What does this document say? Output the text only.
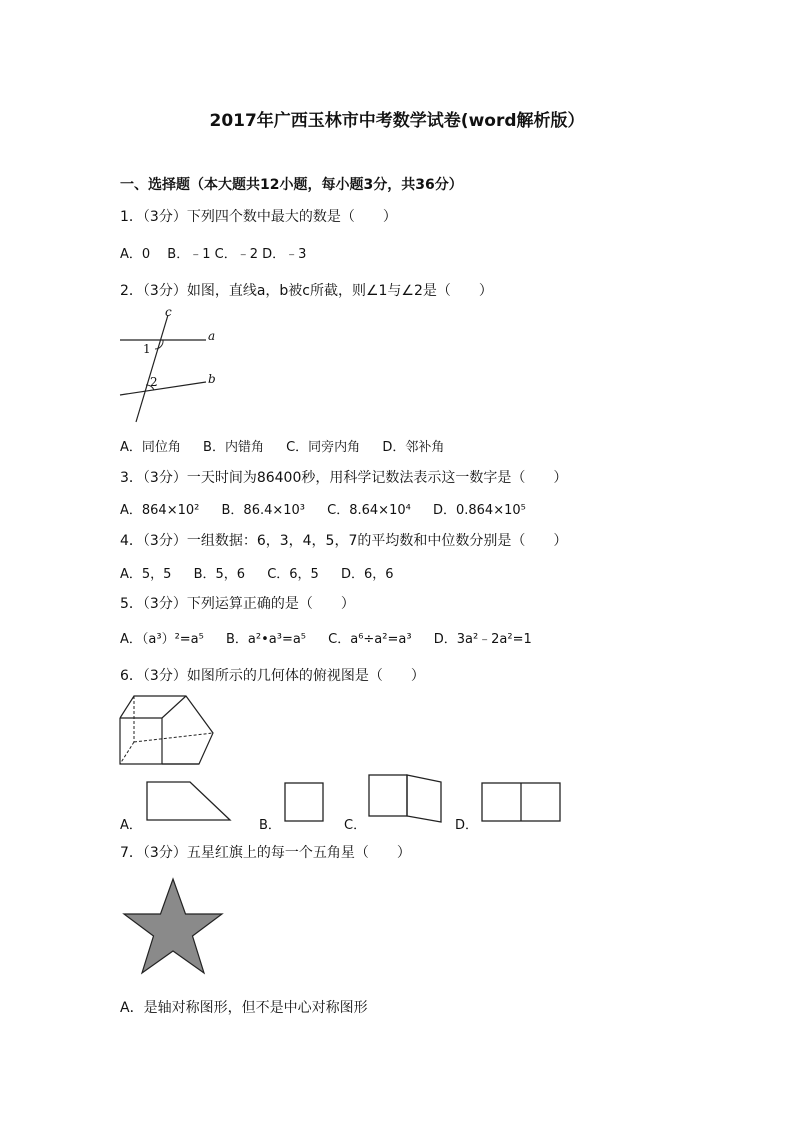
2017年广西玉林市中考数学试卷(word解析版）
一、选择题（本大题共12小题，每小题3分，共36分）
1．（3分）下列四个数中最大的数是（　　）
A．0　 B．﹣1 C．﹣2 D．﹣3
2．（3分）如图，直线a，b被c所截，则∠1与∠2是（　　）
c
a
b
1
2
A．同位角 B．内错角 C．同旁内角 D．邻补角
3．（3分）一天时间为86400秒，用科学记数法表示这一数字是（　　）
A．864×10² B．86.4×10³ C．8.64×10⁴ D．0.864×10⁵
4．（3分）一组数据：6，3，4，5，7的平均数和中位数分别是（　　）
A．5，5 B．5，6 C．6，5 D．6，6
5．（3分）下列运算正确的是（　　）
A．（a³）²=a⁵ B．a²•a³=a⁵ C．a⁶÷a²=a³ D．3a²﹣2a²=1
6．（3分）如图所示的几何体的俯视图是（　　）
A．	B．	C．	D．
7．（3分）五星红旗上的每一个五角星（　　）
A．是轴对称图形，但不是中心对称图形
